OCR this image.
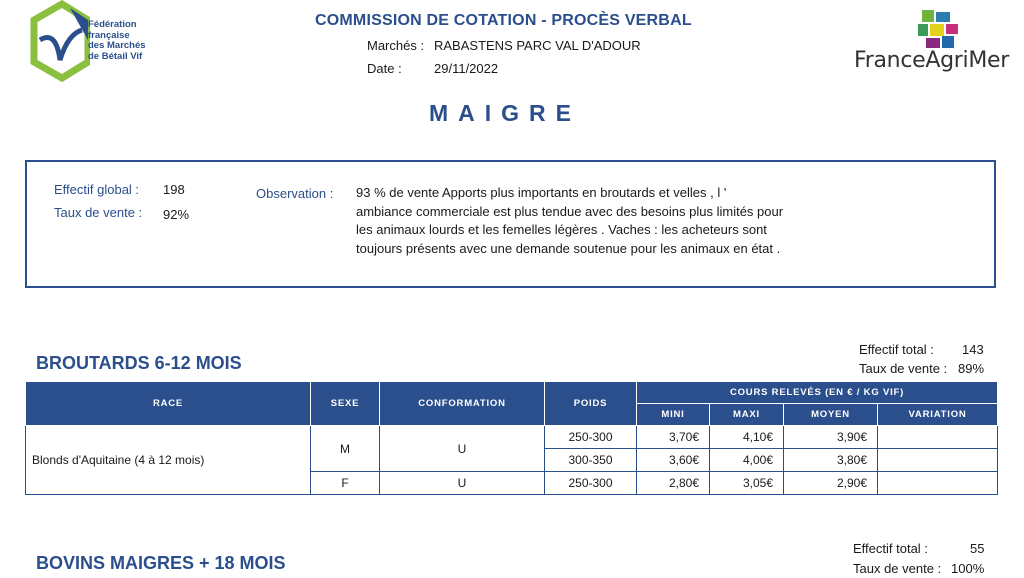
Fédération
française
des Marchés
de Bétail Vif
COMMISSION DE COTATION - PROCÈS VERBAL
Marchés : RABASTENS PARC VAL D'ADOUR
Date : 29/11/2022	FranceAgriMer
MAIGRE
Effectif global : 198
Taux de vente : 92%
Observation : 93 % de vente Apports plus importants en broutards et velles , l ' ambiance commerciale est plus tendue avec des besoins plus limités pour les animaux lourds et les femelles légères . Vaches : les acheteurs sont toujours présents avec une demande soutenue pour les animaux en état .
BROUTARDS 6-12 MOIS
Effectif total : 143
Taux de vente : 89%
RACE	SEXE	CONFORMATION	POIDS	COURS RELEVÉS (EN € / KG VIF)			
				MINI	MAXI	MOYEN	VARIATION
Blonds d'Aquitaine (4 à 12 mois)	M	U	250-300	3,70€	4,10€	3,90€	
			300-350	3,60€	4,00€	3,80€	
	F	U	250-300	2,80€	3,05€	2,90€	
BOVINS MAIGRES + 18 MOIS
Effectif total :	55
Taux de vente : 100%
